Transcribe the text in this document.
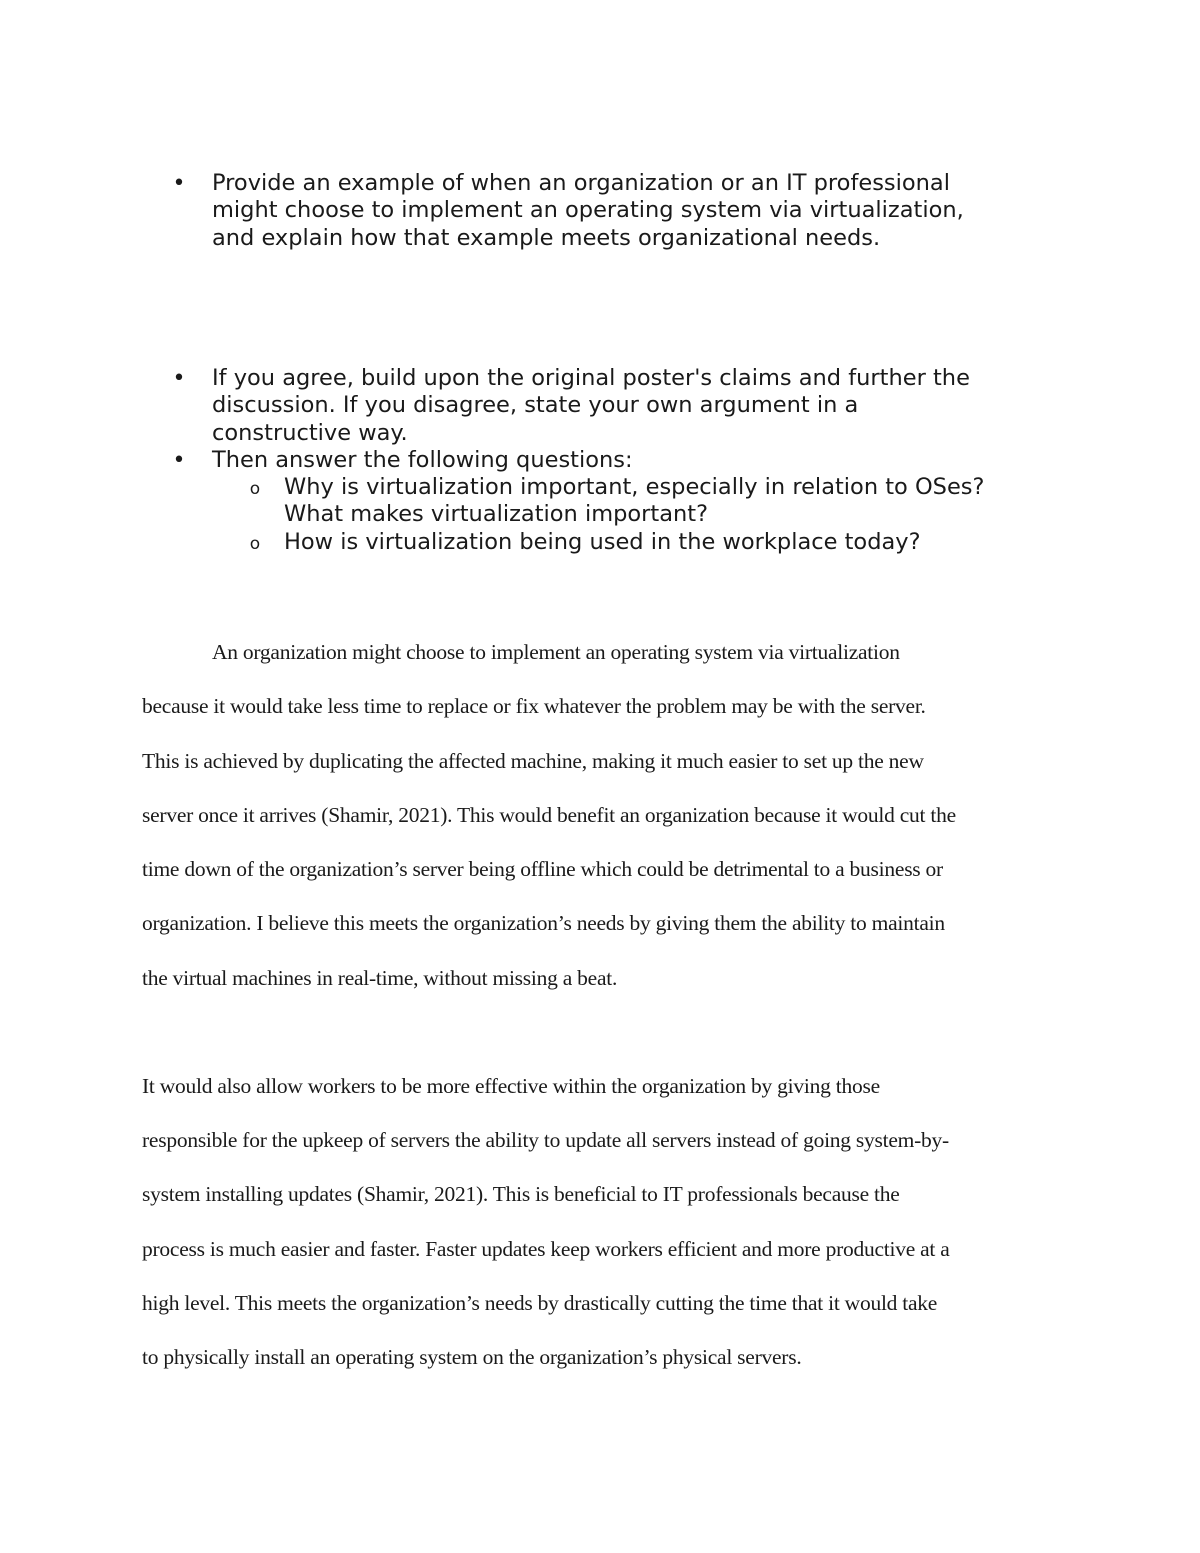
• Provide an example of when an organization or an IT professional
might choose to implement an operating system via virtualization,
and explain how that example meets organizational needs.
• If you agree, build upon the original poster's claims and further the
discussion. If you disagree, state your own argument in a
constructive way.
• Then answer the following questions:
o Why is virtualization important, especially in relation to OSes?
What makes virtualization important?
o How is virtualization being used in the workplace today?
An organization might choose to implement an operating system via virtualization
because it would take less time to replace or fix whatever the problem may be with the server.
This is achieved by duplicating the affected machine, making it much easier to set up the new
server once it arrives (Shamir, 2021). This would benefit an organization because it would cut the
time down of the organization’s server being offline which could be detrimental to a business or
organization. I believe this meets the organization’s needs by giving them the ability to maintain
the virtual machines in real-time, without missing a beat.
It would also allow workers to be more effective within the organization by giving those
responsible for the upkeep of servers the ability to update all servers instead of going system-by-
system installing updates (Shamir, 2021). This is beneficial to IT professionals because the
process is much easier and faster. Faster updates keep workers efficient and more productive at a
high level. This meets the organization’s needs by drastically cutting the time that it would take
to physically install an operating system on the organization’s physical servers.
